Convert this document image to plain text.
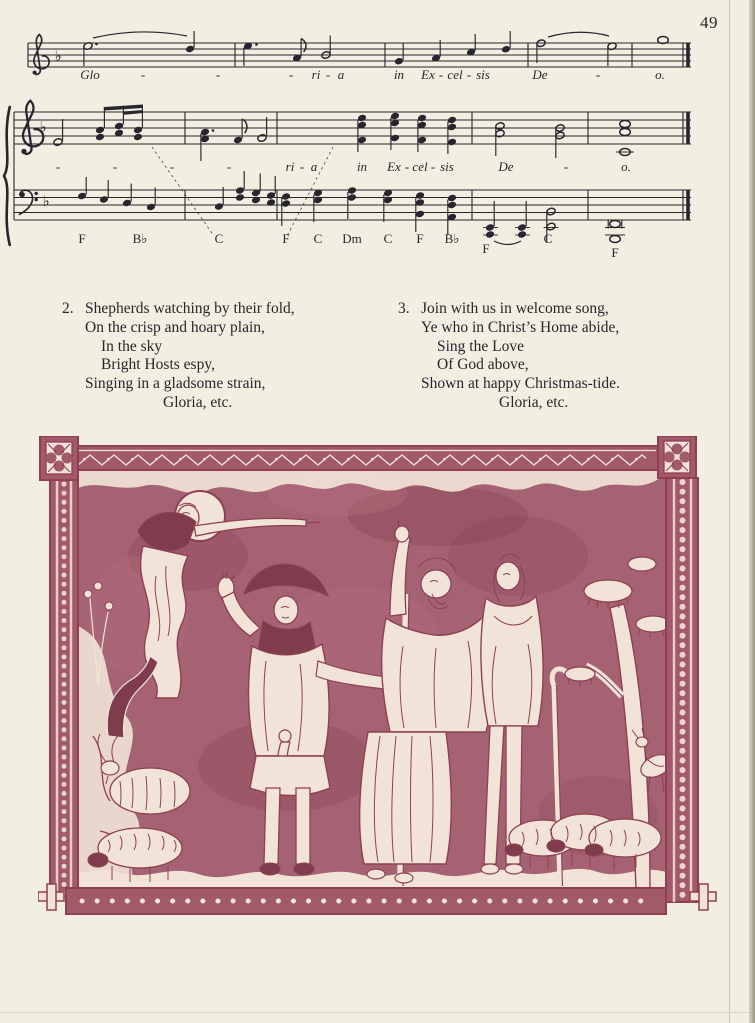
49
♭
Glo	-	-	- ri - a	in Ex - cel - sis	De	-	o.
♭
-	-	-	-	ri - a	in Ex - cel - sis	De	-	o.
♭
F	B♭	C	F C Dm C F B♭
F
C
F
2. Shepherds watching by their fold,
On the crisp and hoary plain,
In the sky
Bright Hosts espy,
Singing in a gladsome strain,
Gloria, etc.
3. Join with us in welcome song,
Ye who in Christ’s Home abide,
Sing the Love
Of God above,
Shown at happy Christmas-tide.
Gloria, etc.
